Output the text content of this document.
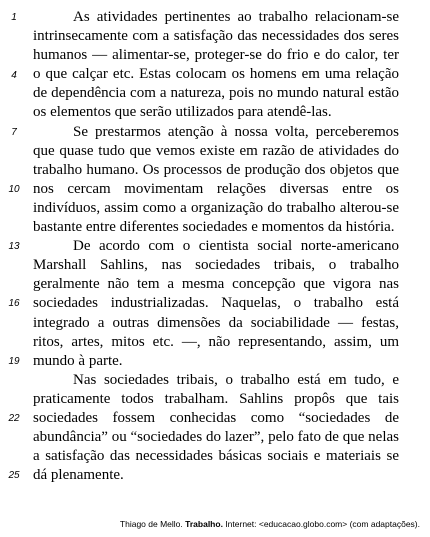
1
4
7
10
13
16
19
22
25

As atividades pertinentes ao trabalho relacionam-se intrinsecamente com a satisfação das necessidades dos seres humanos — alimentar-se, proteger-se do frio e do calor, ter o que calçar etc. Estas colocam os homens em uma relação de dependência com a natureza, pois no mundo natural estão os elementos que serão utilizados para atendê-las.

Se prestarmos atenção à nossa volta, perceberemos que quase tudo que vemos existe em razão de atividades do trabalho humano. Os processos de produção dos objetos que nos cercam movimentam relações diversas entre os indivíduos, assim como a organização do trabalho alterou-se bastante entre diferentes sociedades e momentos da história.

De acordo com o cientista social norte-americano Marshall Sahlins, nas sociedades tribais, o trabalho geralmente não tem a mesma concepção que vigora nas sociedades industrializadas. Naquelas, o trabalho está integrado a outras dimensões da sociabilidade — festas, ritos, artes, mitos etc. —, não representando, assim, um mundo à parte.

Nas sociedades tribais, o trabalho está em tudo, e praticamente todos trabalham. Sahlins propôs que tais sociedades fossem conhecidas como “sociedades de abundância” ou “sociedades do lazer”, pelo fato de que nelas a satisfação das necessidades básicas sociais e materiais se dá plenamente.

Thiago de Mello. Trabalho. Internet: <educacao.globo.com> (com adaptações).
